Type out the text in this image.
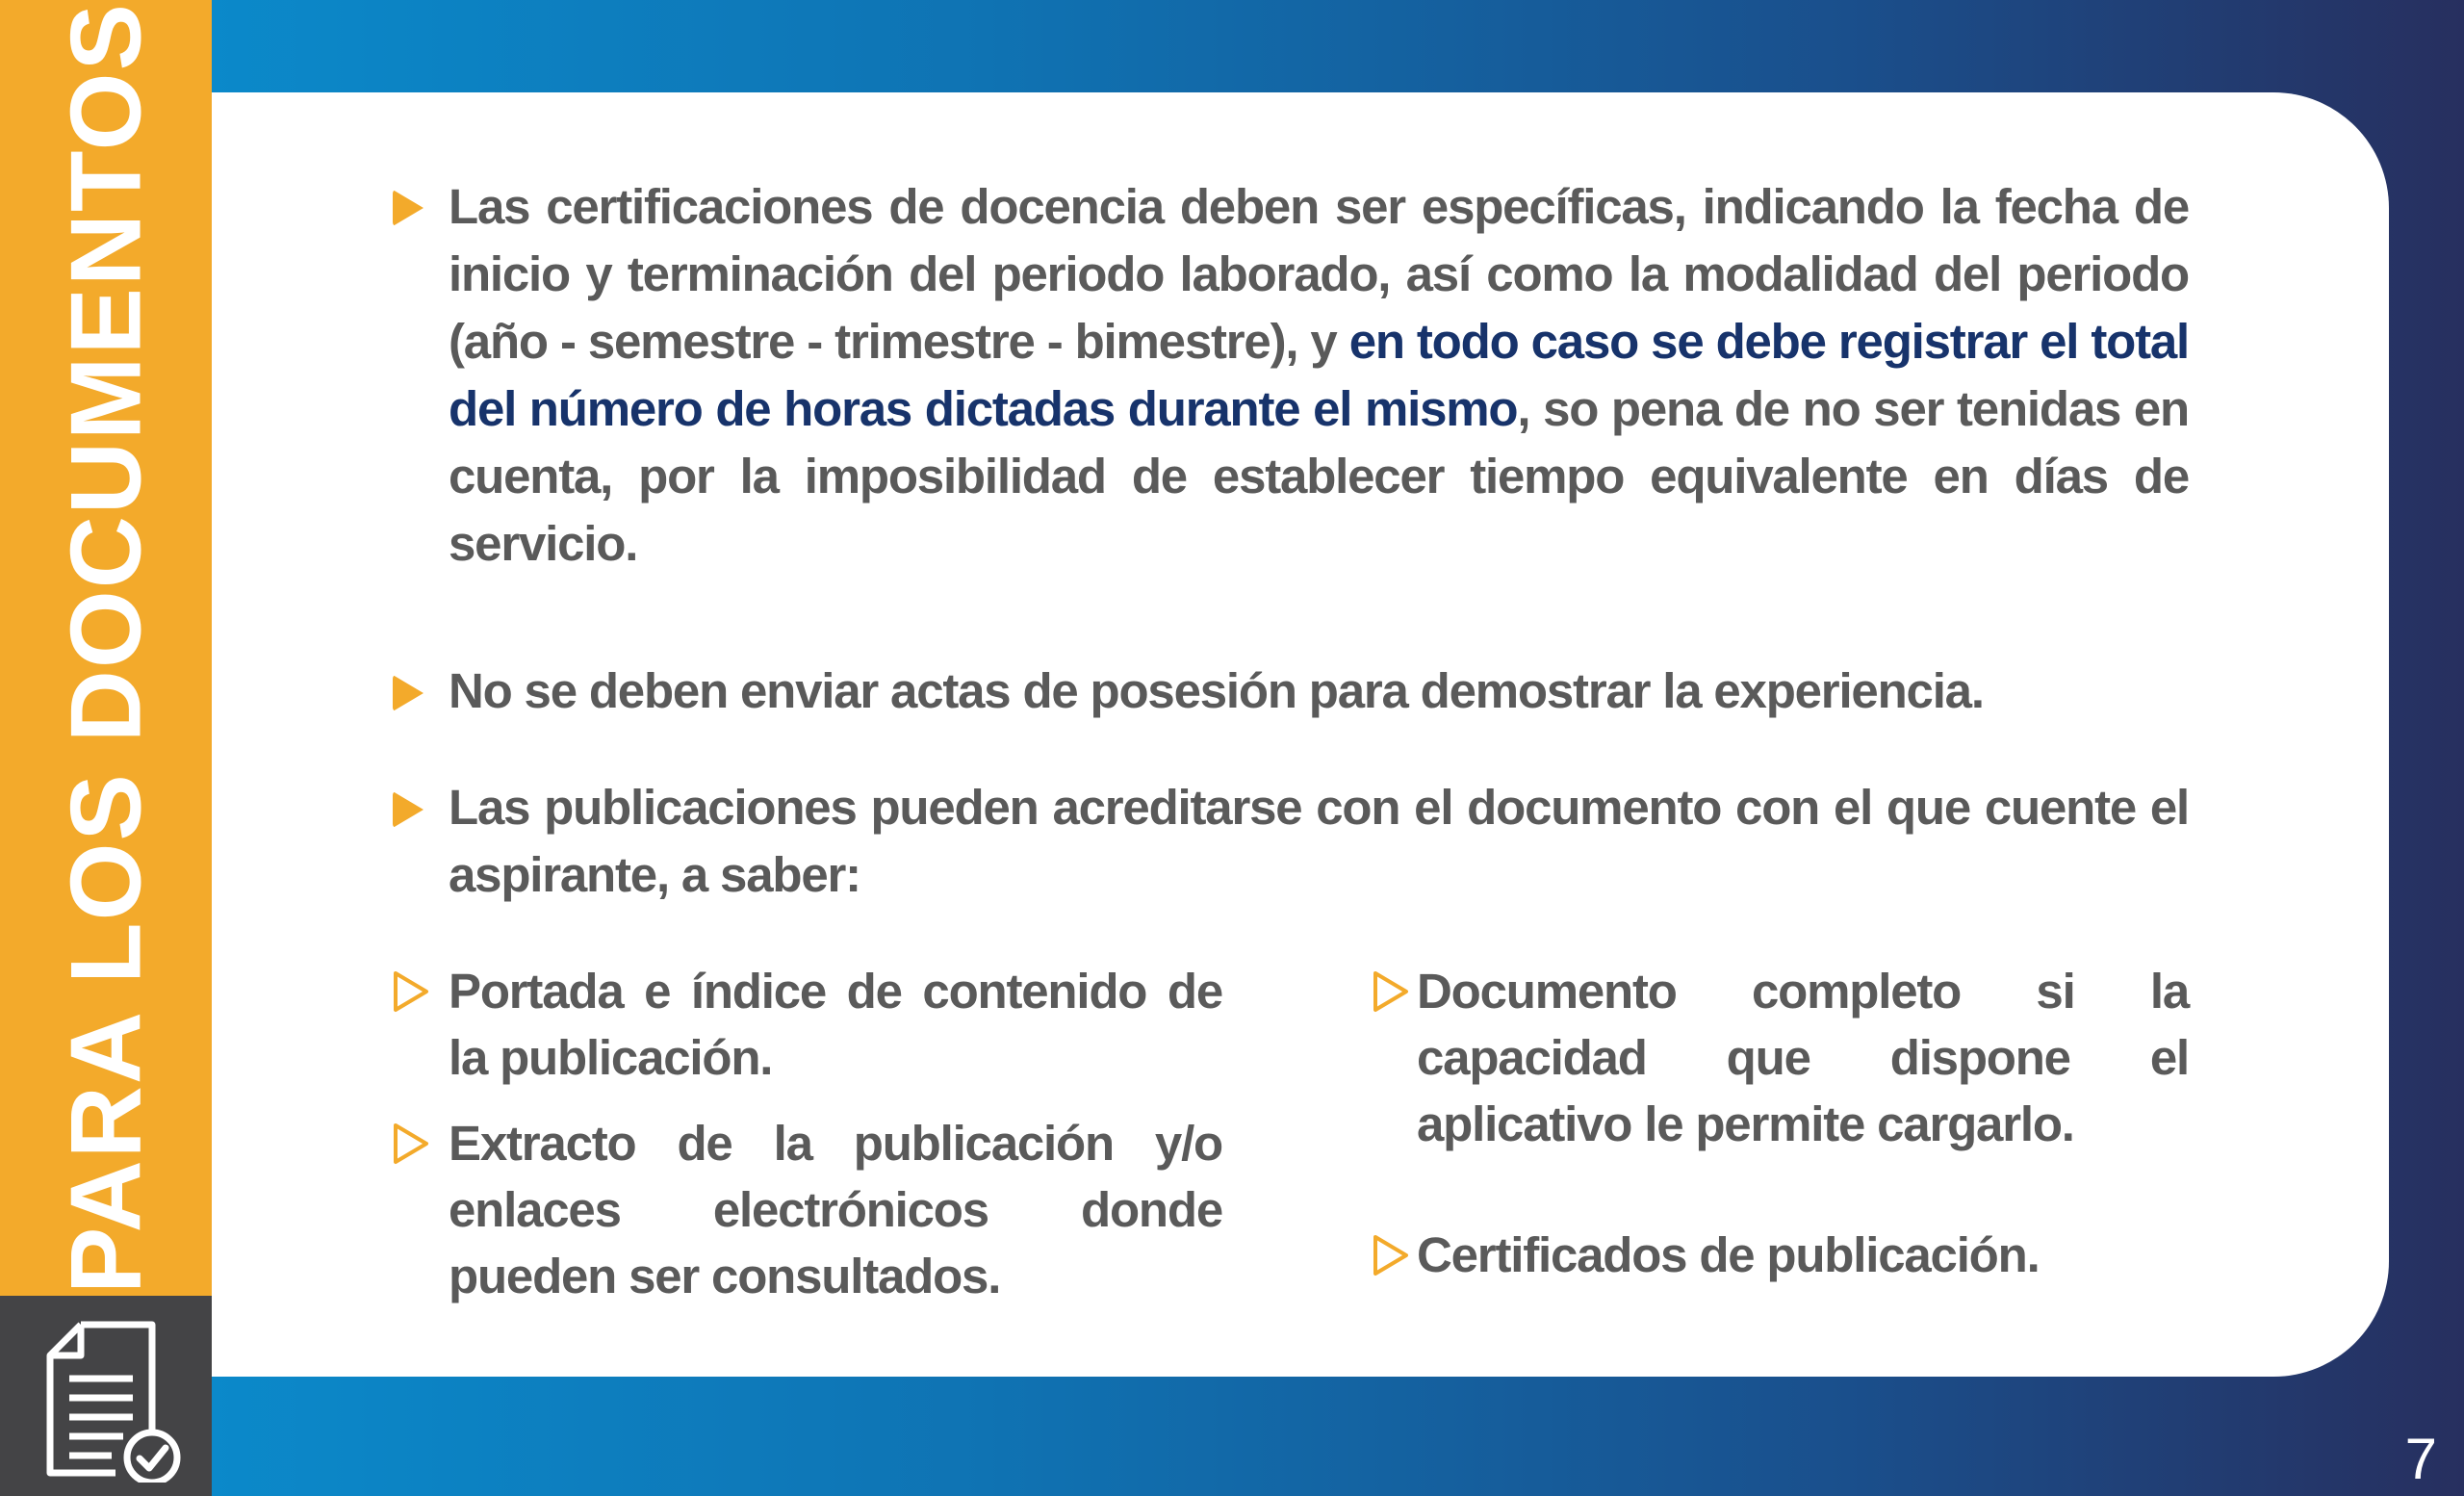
PARA LOS DOCUMENTOS
7
Las certificaciones de docencia deben ser específicas, indicando la fecha de inicio y terminación del periodo laborado, así como la modalidad del periodo (año - semestre - trimestre - bimestre), y en todo caso se debe registrar el total del número de horas dictadas durante el mismo, so pena de no ser tenidas en cuenta, por la imposibilidad de establecer tiempo equivalente en días de servicio.
No se deben enviar actas de posesión para demostrar la experiencia.
Las publicaciones pueden acreditarse con el documento con el que cuente el aspirante, a saber:
Portada e índice de contenido de la publicación.
Extracto de la publicación y/o enlaces electrónicos donde pueden ser consultados.
Documento completo si la capacidad que dispone el aplicativo le permite cargarlo.
Certificados de publicación.
